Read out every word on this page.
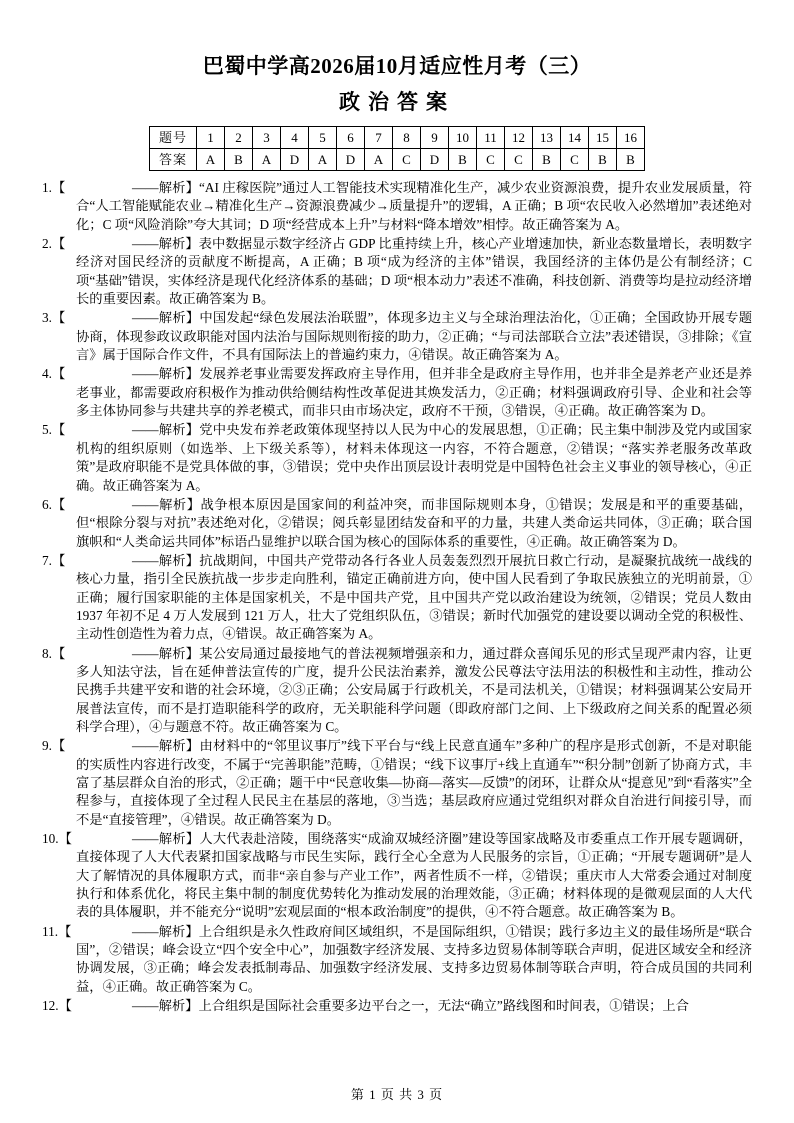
巴蜀中学高2026届10月适应性月考（三）
政治答案
题号	1	2	3	4	5	6	7	8	9	10	11	12	13	14	15	16
答案	A	B	A	D	A	D	A	C	D	B	C	C	B	C	B	B
1.【	——解析】“AI 庄稼医院”通过人工智能技术实现精准化生产，减少农业资源浪费，提升农业发展质量，符合“人工智能赋能农业→精准化生产→资源浪费减少→质量提升”的逻辑，A 正确；B 项“农民收入必然增加”表述绝对化；C 项“风险消除”夸大其词；D 项“经营成本上升”与材料“降本增效”相悖。故正确答案为 A。
2.【	——解析】表中数据显示数字经济占 GDP 比重持续上升，核心产业增速加快，新业态数量增长，表明数字经济对国民经济的贡献度不断提高，A 正确；B 项“成为经济的主体”错误，我国经济的主体仍是公有制经济；C 项“基础”错误，实体经济是现代化经济体系的基础；D 项“根本动力”表述不准确，科技创新、消费等均是拉动经济增长的重要因素。故正确答案为 B。
3.【	——解析】中国发起“绿色发展法治联盟”，体现多边主义与全球治理法治化，①正确；全国政协开展专题协商，体现参政议政职能对国内法治与国际规则衔接的助力，②正确；“与司法部联合立法”表述错误，③排除；《宣言》属于国际合作文件，不具有国际法上的普遍约束力，④错误。故正确答案为 A。
4.【	——解析】发展养老事业需要发挥政府主导作用，但并非全是政府主导作用，也并非全是养老产业还是养老事业，都需要政府积极作为推动供给侧结构性改革促进其焕发活力，②正确；材料强调政府引导、企业和社会等多主体协同参与共建共享的养老模式，而非只由市场决定，政府不干预，③错误，④正确。故正确答案为 D。
5.【	——解析】党中央发布养老政策体现坚持以人民为中心的发展思想，①正确；民主集中制涉及党内或国家机构的组织原则（如选举、上下级关系等），材料未体现这一内容，不符合题意，②错误；“落实养老服务改革政策”是政府职能不是党具体做的事，③错误；党中央作出顶层设计表明党是中国特色社会主义事业的领导核心，④正确。故正确答案为 A。
6.【	——解析】战争根本原因是国家间的利益冲突，而非国际规则本身，①错误；发展是和平的重要基础，但“根除分裂与对抗”表述绝对化，②错误；阅兵彰显团结发奋和平的力量，共建人类命运共同体，③正确；联合国旗帜和“人类命运共同体”标语凸显维护以联合国为核心的国际体系的重要性，④正确。故正确答案为 D。
7.【	——解析】抗战期间，中国共产党带动各行各业人员轰轰烈烈开展抗日救亡行动，是凝聚抗战统一战线的核心力量，指引全民族抗战一步步走向胜利，锚定正确前进方向，使中国人民看到了争取民族独立的光明前景，①正确；履行国家职能的主体是国家机关，不是中国共产党，且中国共产党以政治建设为统领，②错误；党员人数由 1937 年初不足 4 万人发展到 121 万人，壮大了党组织队伍，③错误；新时代加强党的建设要以调动全党的积极性、主动性创造性为着力点，④错误。故正确答案为 A。
8.【	——解析】某公安局通过最接地气的普法视频增强亲和力，通过群众喜闻乐见的形式呈现严肃内容，让更多人知法守法，旨在延伸普法宣传的广度，提升公民法治素养，激发公民尊法守法用法的积极性和主动性，推动公民携手共建平安和谐的社会环境，②③正确；公安局属于行政机关，不是司法机关，①错误；材料强调某公安局开展普法宣传，而不是打造职能科学的政府，无关职能科学问题（即政府部门之间、上下级政府之间关系的配置必须科学合理），④与题意不符。故正确答案为 C。
9.【	——解析】由材料中的“邻里议事厅”线下平台与“线上民意直通车”多种广的程序是形式创新，不是对职能的实质性内容进行改变，不属于“完善职能”范畴，①错误；“线下议事厅+线上直通车”“积分制”创新了协商方式，丰富了基层群众自治的形式，②正确；题干中“民意收集—协商—落实—反馈”的闭环，让群众从“提意见”到“看落实”全程参与，直接体现了全过程人民民主在基层的落地，③当选；基层政府应通过党组织对群众自治进行间接引导，而不是“直接管理”，④错误。故正确答案为 D。
10.【	——解析】人大代表赴涪陵，围绕落实“成渝双城经济圈”建设等国家战略及市委重点工作开展专题调研，直接体现了人大代表紧扣国家战略与市民生实际，践行全心全意为人民服务的宗旨，①正确；“开展专题调研”是人大了解情况的具体履职方式，而非“亲自参与产业工作”，两者性质不一样，②错误；重庆市人大常委会通过对制度执行和体系优化，将民主集中制的制度优势转化为推动发展的治理效能，③正确；材料体现的是微观层面的人大代表的具体履职，并不能充分“说明”宏观层面的“根本政治制度”的提供，④不符合题意。故正确答案为 B。
11.【	——解析】上合组织是永久性政府间区域组织，不是国际组织，①错误；践行多边主义的最佳场所是“联合国”，②错误；峰会设立“四个安全中心”，加强数字经济发展、支持多边贸易体制等联合声明，促进区域安全和经济协调发展，③正确；峰会发表抵制毒品、加强数字经济发展、支持多边贸易体制等联合声明，符合成员国的共同利益，④正确。故正确答案为 C。
12.【	——解析】上合组织是国际社会重要多边平台之一，无法“确立”路线图和时间表，①错误；上合
第 1 页 共 3 页
